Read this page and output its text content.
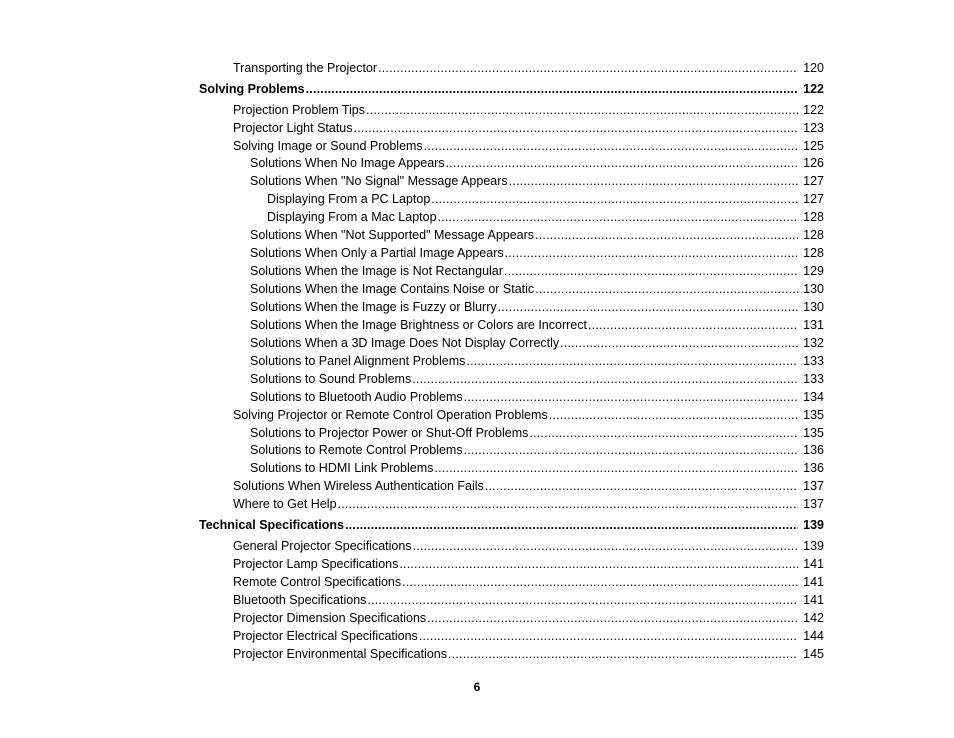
Transporting the Projector .....	120
Solving Problems .....	122
Projection Problem Tips .....	122
Projector Light Status .....	123
Solving Image or Sound Problems .....	125
Solutions When No Image Appears .....	126
Solutions When "No Signal" Message Appears .....	127
Displaying From a PC Laptop .....	127
Displaying From a Mac Laptop .....	128
Solutions When "Not Supported" Message Appears .....	128
Solutions When Only a Partial Image Appears .....	128
Solutions When the Image is Not Rectangular .....	129
Solutions When the Image Contains Noise or Static .....	130
Solutions When the Image is Fuzzy or Blurry .....	130
Solutions When the Image Brightness or Colors are Incorrect .....	131
Solutions When a 3D Image Does Not Display Correctly .....	132
Solutions to Panel Alignment Problems .....	133
Solutions to Sound Problems .....	133
Solutions to Bluetooth Audio Problems .....	134
Solving Projector or Remote Control Operation Problems .....	135
Solutions to Projector Power or Shut-Off Problems .....	135
Solutions to Remote Control Problems .....	136
Solutions to HDMI Link Problems .....	136
Solutions When Wireless Authentication Fails .....	137
Where to Get Help .....	137
Technical Specifications .....	139
General Projector Specifications .....	139
Projector Lamp Specifications .....	141
Remote Control Specifications .....	141
Bluetooth Specifications .....	141
Projector Dimension Specifications .....	142
Projector Electrical Specifications .....	144
Projector Environmental Specifications .....	145
6
